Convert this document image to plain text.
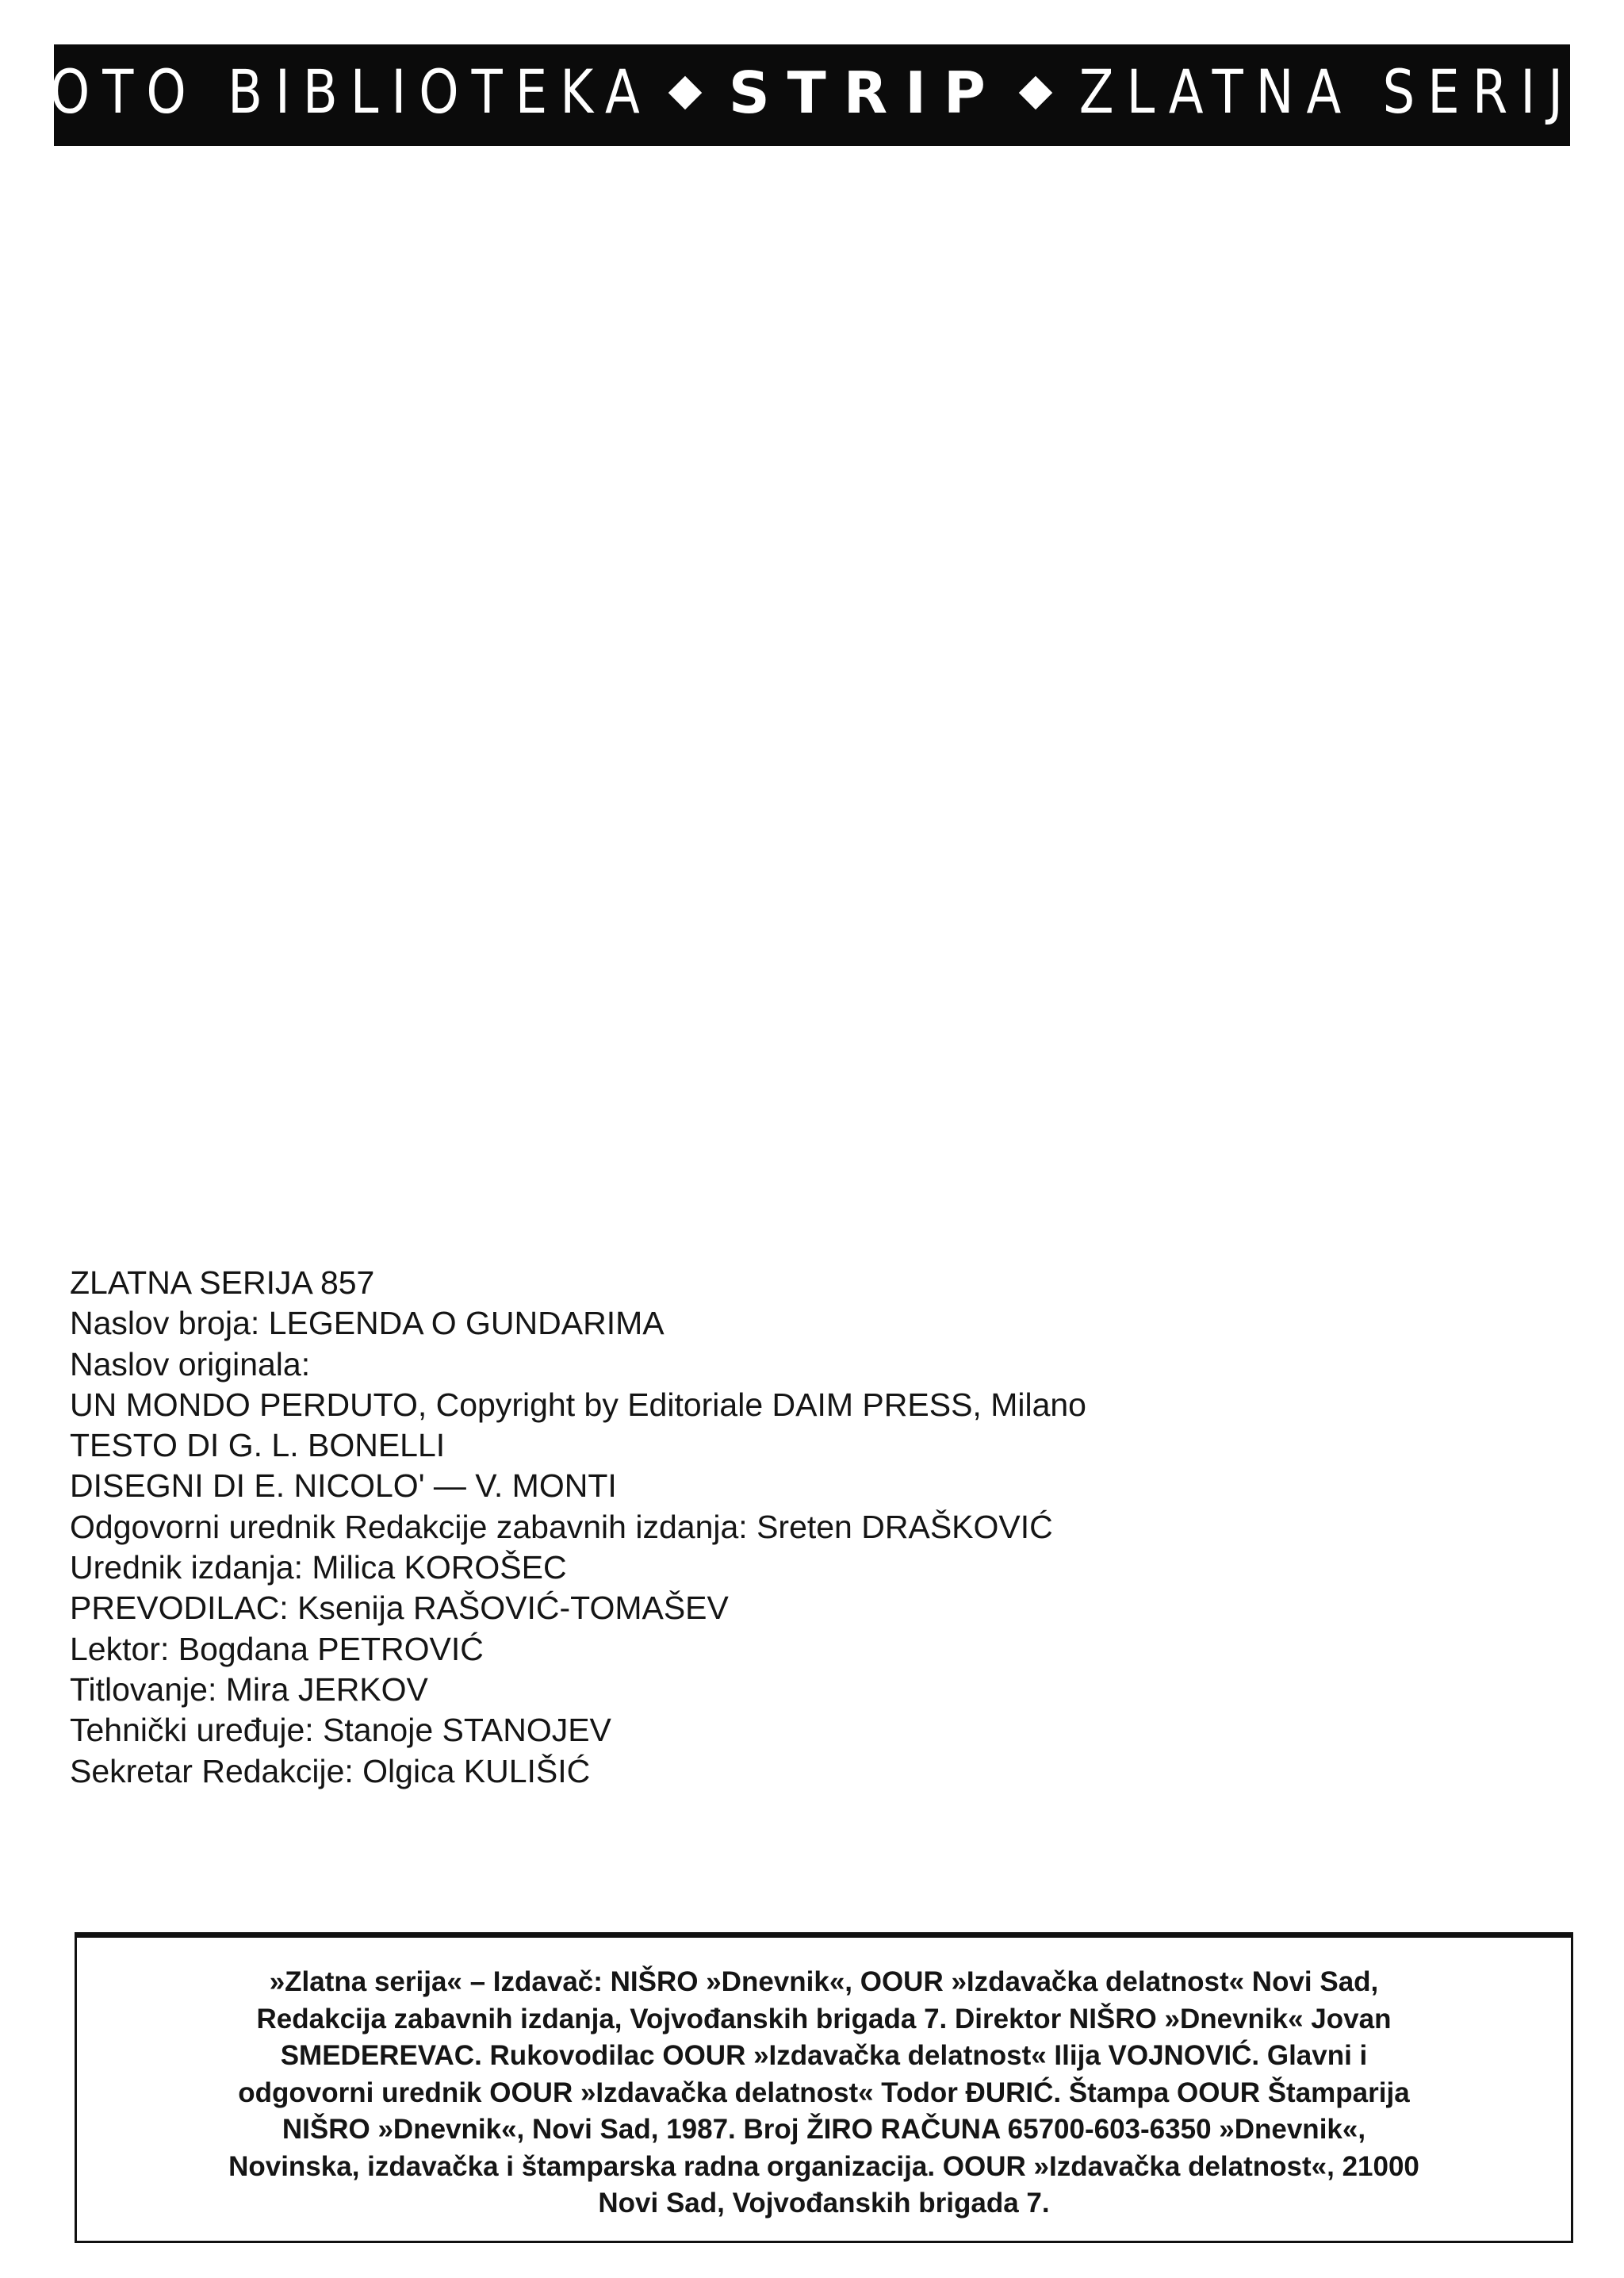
ROTO BIBLIOTEKA STRIP ZLATNA SERIJA
ZLATNA SERIJA 857
Naslov broja: LEGENDA O GUNDARIMA
Naslov originala:
UN MONDO PERDUTO, Copyright by Editoriale DAIM PRESS, Milano
TESTO DI G. L. BONELLI
DISEGNI DI E. NICOLO' — V. MONTI
Odgovorni urednik Redakcije zabavnih izdanja: Sreten DRAŠKOVIĆ
Urednik izdanja: Milica KOROŠEC
PREVODILAC: Ksenija RAŠOVIĆ-TOMAŠEV
Lektor: Bogdana PETROVIĆ
Titlovanje: Mira JERKOV
Tehnički uređuje: Stanoje STANOJEV
Sekretar Redakcije: Olgica KULIŠIĆ
»Zlatna serija« – Izdavač: NIŠRO »Dnevnik«, OOUR »Izdavačka delatnost« Novi Sad,
Redakcija zabavnih izdanja, Vojvođanskih brigada 7. Direktor NIŠRO »Dnevnik« Jovan
SMEDEREVAC. Rukovodilac OOUR »Izdavačka delatnost« Ilija VOJNOVIĆ. Glavni i
odgovorni urednik OOUR »Izdavačka delatnost« Todor ĐURIĆ. Štampa OOUR Štamparija
NIŠRO »Dnevnik«, Novi Sad, 1987. Broj ŽIRO RAČUNA 65700-603-6350 »Dnevnik«,
Novinska, izdavačka i štamparska radna organizacija. OOUR »Izdavačka delatnost«, 21000
Novi Sad, Vojvođanskih brigada 7.
